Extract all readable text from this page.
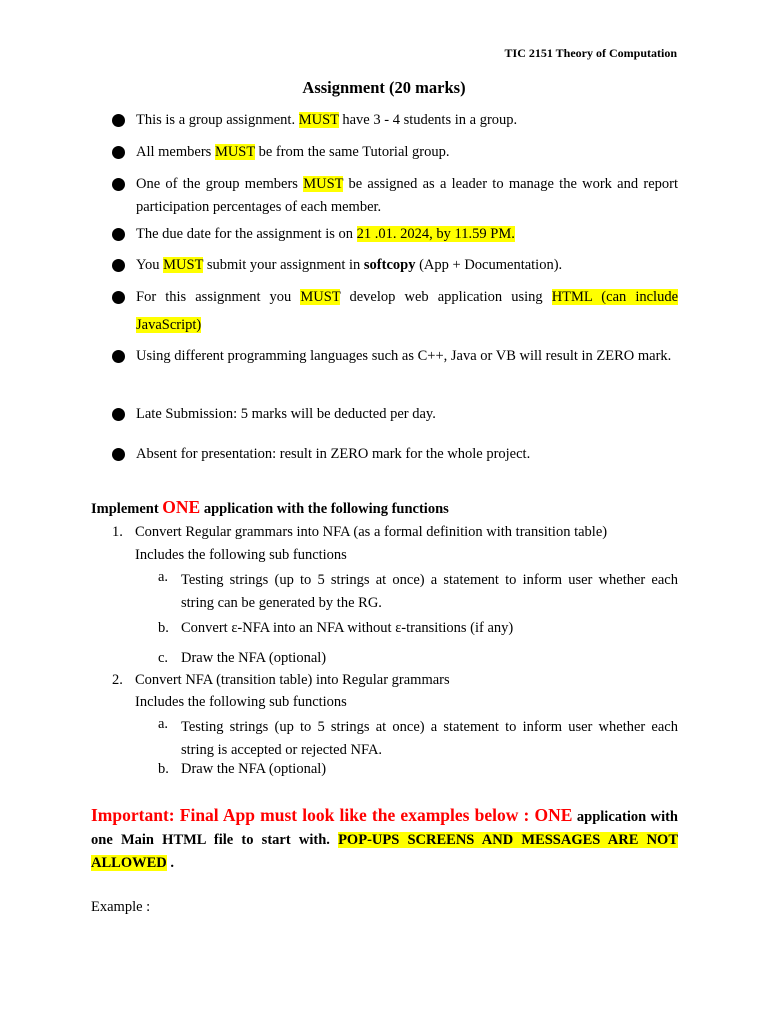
TIC 2151 Theory of Computation
Assignment (20 marks)
This is a group assignment. MUST have 3 - 4 students in a group.
All members MUST be from the same Tutorial group.
One of the group members MUST be assigned as a leader to manage the work and report participation percentages of each member.
The due date for the assignment is on 21 .01. 2024, by 11.59 PM.
You MUST submit your assignment in softcopy (App + Documentation).
For this assignment you MUST develop web application using HTML (can include JavaScript)
Using different programming languages such as C++, Java or VB will result in ZERO mark.
Late Submission: 5 marks will be deducted per day.
Absent for presentation: result in ZERO mark for the whole project.
Implement ONE application with the following functions
1. Convert Regular grammars into NFA (as a formal definition with transition table)
Includes the following sub functions
a. Testing strings (up to 5 strings at once) a statement to inform user whether each string can be generated by the RG.
b. Convert ε-NFA into an NFA without ε-transitions (if any)
c. Draw the NFA (optional)
2. Convert NFA (transition table) into Regular grammars
Includes the following sub functions
a. Testing strings (up to 5 strings at once) a statement to inform user whether each string is accepted or rejected NFA.
b. Draw the NFA (optional)
Important: Final App must look like the examples below : ONE application with one Main HTML file to start with. POP-UPS SCREENS AND MESSAGES ARE NOT ALLOWED .
Example :
